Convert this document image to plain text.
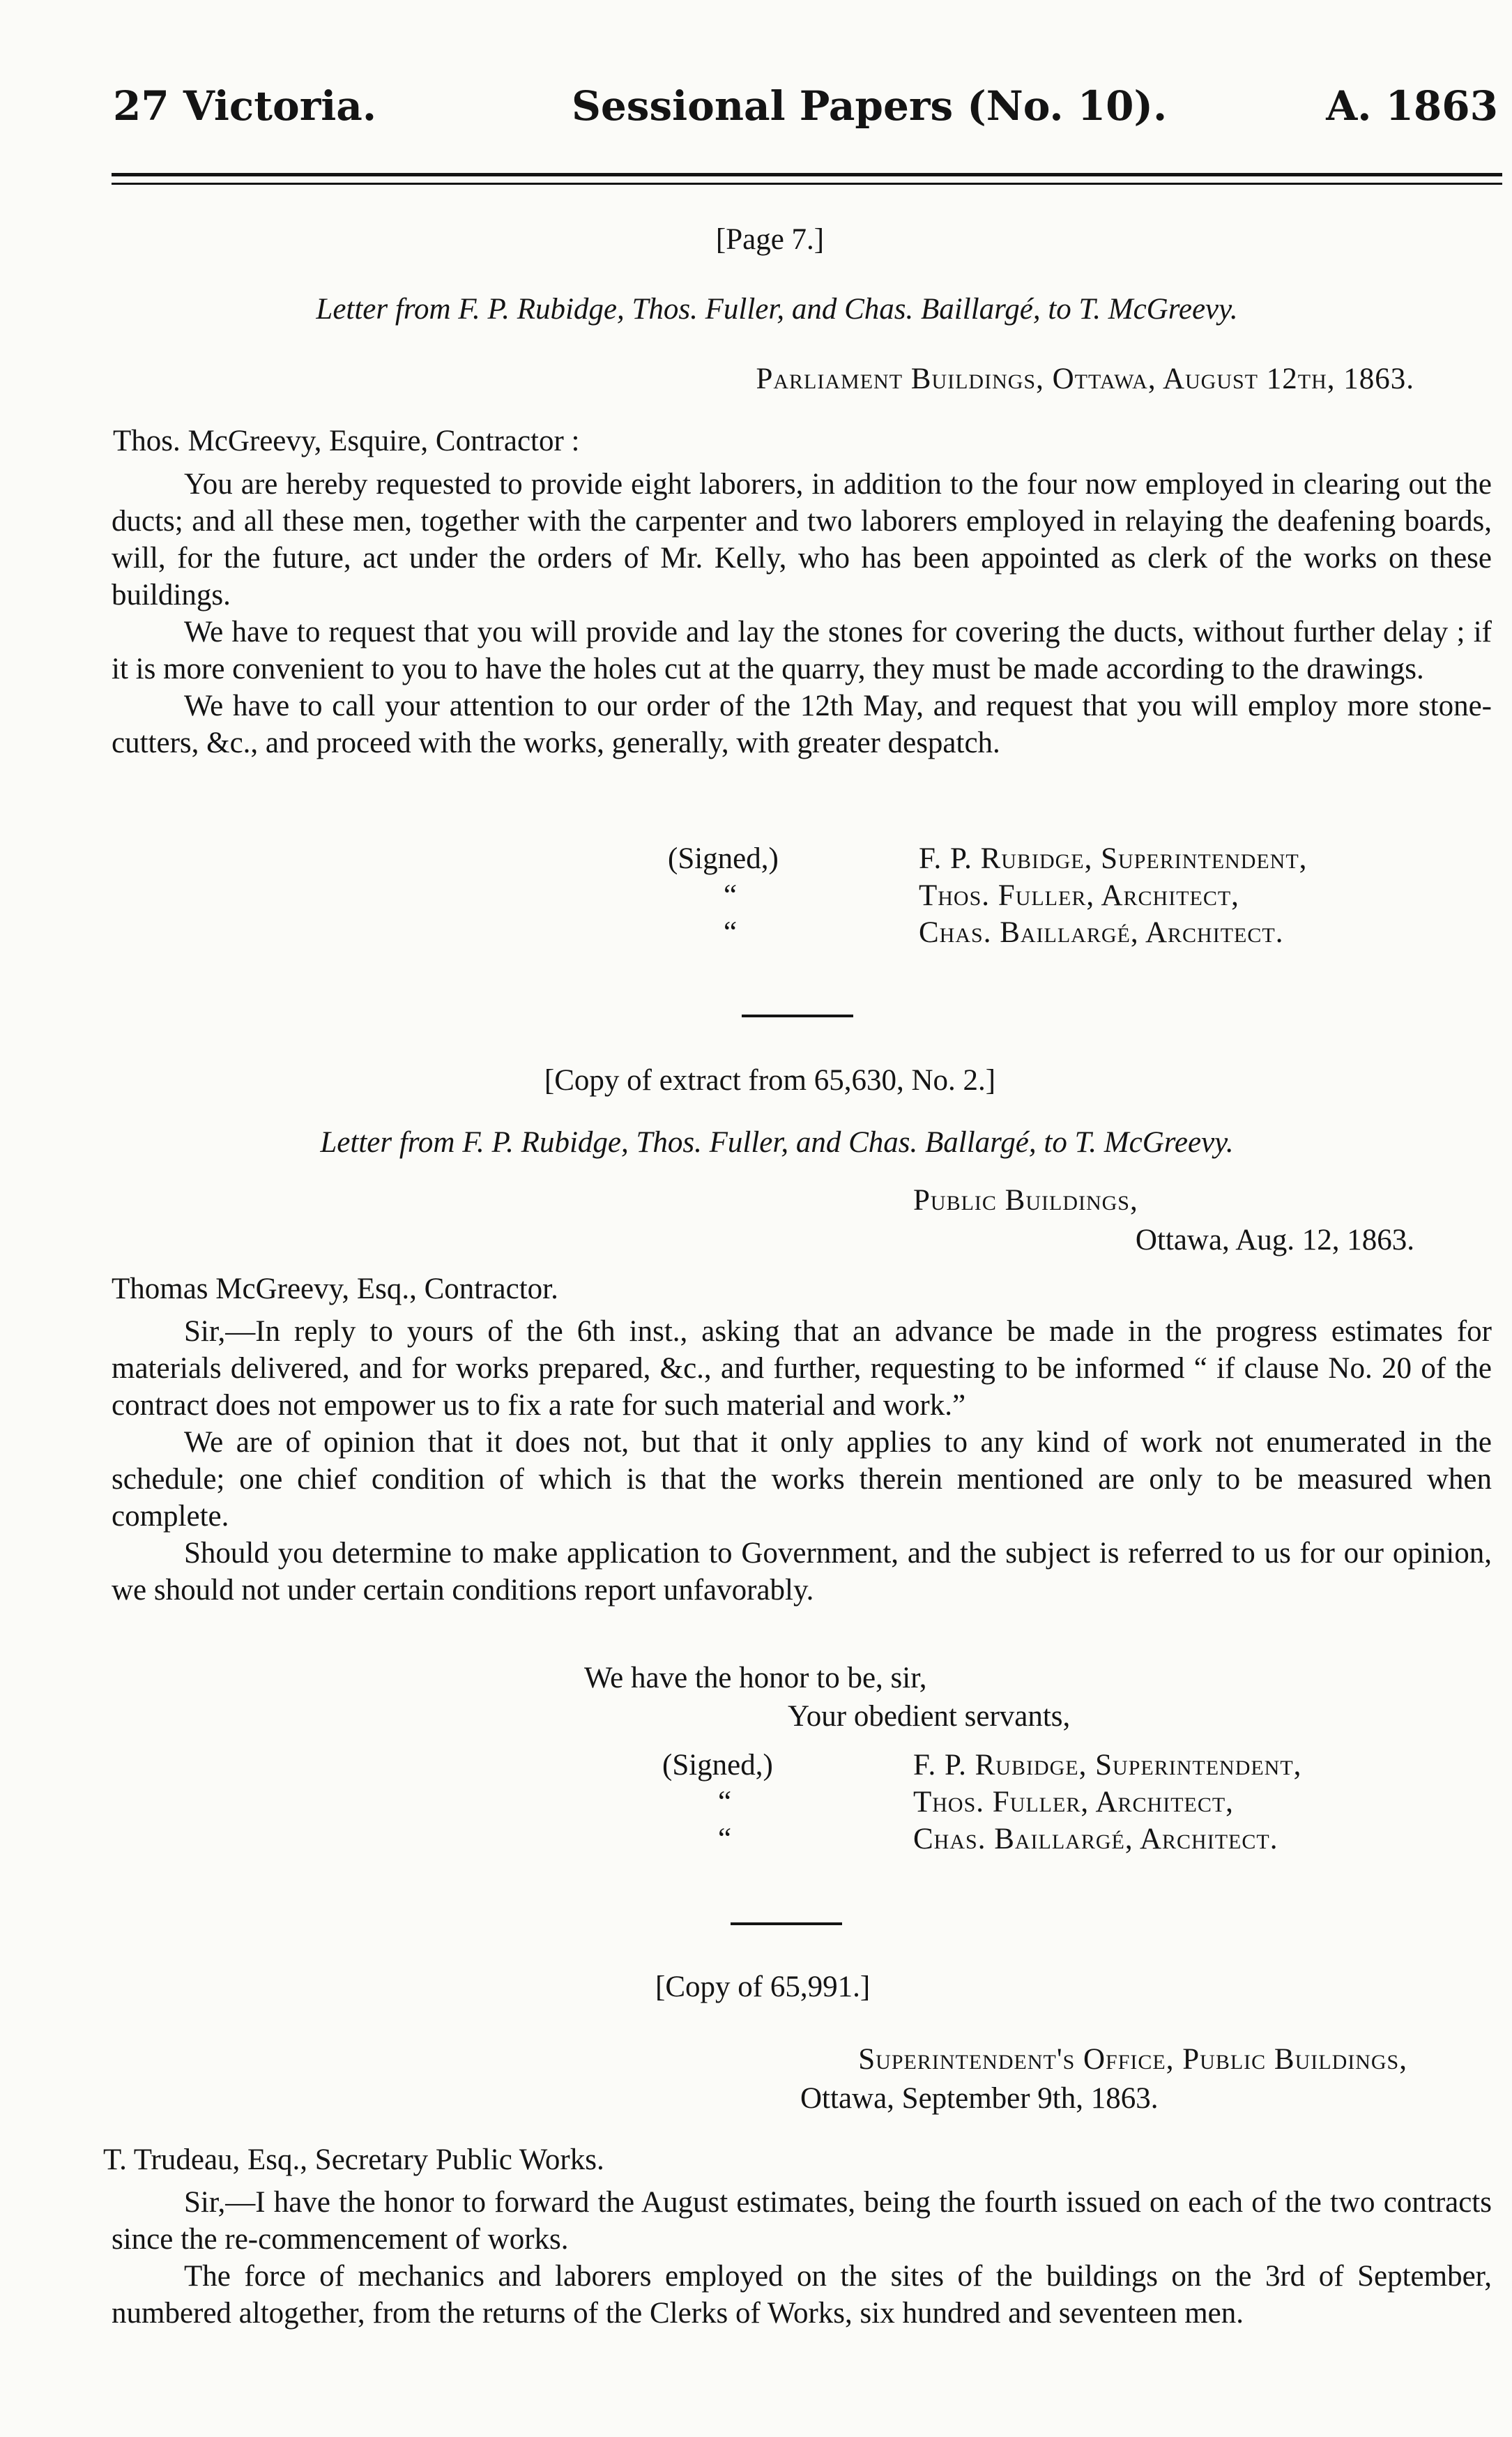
27 Victoria.	Sessional Papers (No. 10).	A. 1863
[Page 7.]
Letter from F. P. Rubidge, Thos. Fuller, and Chas. Baillargé, to T. McGreevy.
Parliament Buildings, Ottawa, August 12th, 1863.
Thos. McGreevy, Esquire, Contractor :

You are hereby requested to provide eight laborers, in addition to the four now employed in clearing out the ducts; and all these men, together with the carpenter and two laborers employed in relaying the deafening boards, will, for the future, act under the orders of Mr. Kelly, who has been appointed as clerk of the works on these buildings.

We have to request that you will provide and lay the stones for covering the ducts, without further delay ; if it is more convenient to you to have the holes cut at the quarry, they must be made according to the drawings.

We have to call your attention to our order of the 12th May, and request that you will employ more stone-cutters, &c., and proceed with the works, generally, with greater despatch.

(Signed,)	F. P. Rubidge, Superintendent,
“	Thos. Fuller, Architect,
“	Chas. Baillargé, Architect.
[Copy of extract from 65,630, No. 2.]
Letter from F. P. Rubidge, Thos. Fuller, and Chas. Ballargé, to T. McGreevy.
Public Buildings,
Ottawa, Aug. 12, 1863.
Thomas McGreevy, Esq., Contractor.

Sir,—In reply to yours of the 6th inst., asking that an advance be made in the progress estimates for materials delivered, and for works prepared, &c., and further, requesting to be informed “ if clause No. 20 of the contract does not empower us to fix a rate for such material and work.”

We are of opinion that it does not, but that it only applies to any kind of work not enumerated in the schedule; one chief condition of which is that the works therein mentioned are only to be measured when complete.

Should you determine to make application to Government, and the subject is referred to us for our opinion, we should not under certain conditions report unfavorably.

We have the honor to be, sir,
Your obedient servants,
(Signed,)	F. P. Rubidge, Superintendent,
“	Thos. Fuller, Architect,
“	Chas. Baillargé, Architect.
[Copy of 65,991.]
Superintendent's Office, Public Buildings,
Ottawa, September 9th, 1863.
T. Trudeau, Esq., Secretary Public Works.

Sir,—I have the honor to forward the August estimates, being the fourth issued on each of the two contracts since the re-commencement of works.

The force of mechanics and laborers employed on the sites of the buildings on the 3rd of September, numbered altogether, from the returns of the Clerks of Works, six hundred and seventeen men.
